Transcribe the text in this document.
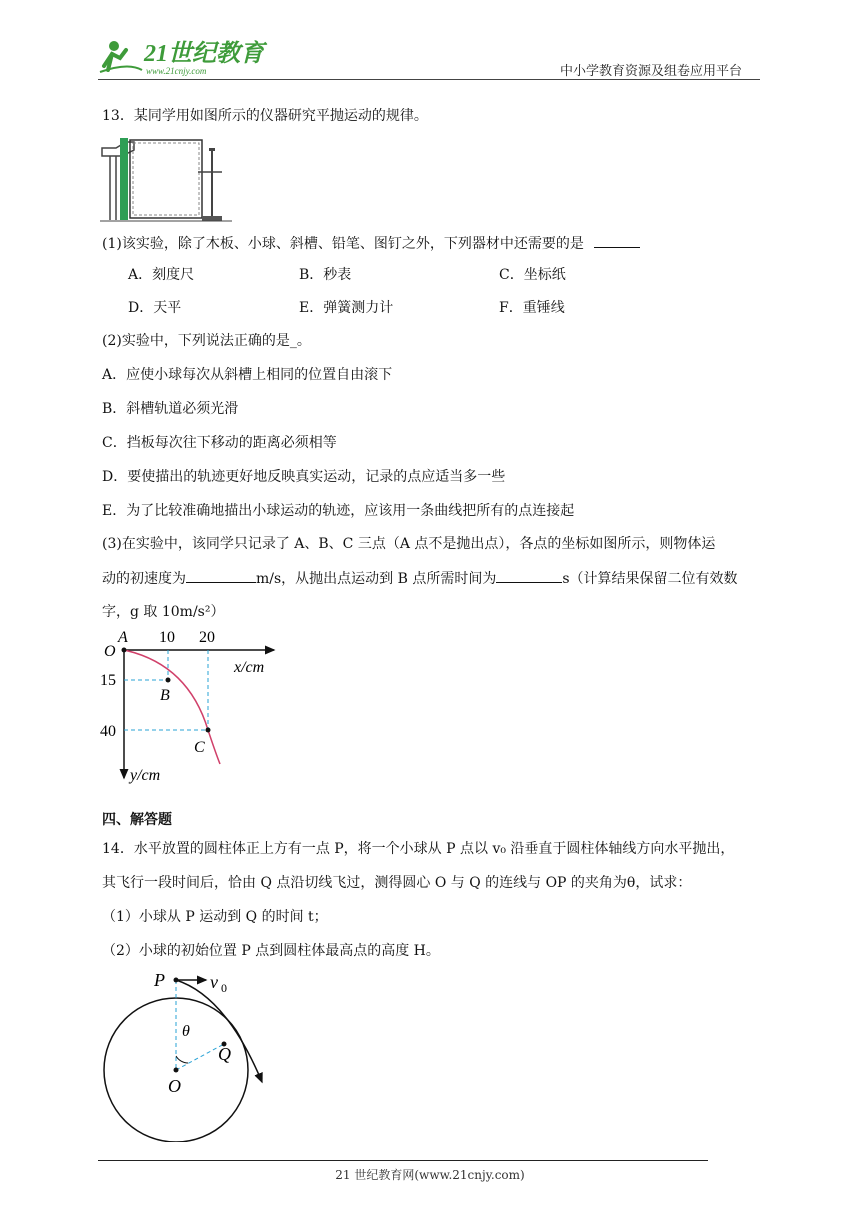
21世纪教育
www.21cnjy.com	中小学教育资源及组卷应用平台
13．某同学用如图所示的仪器研究平抛运动的规律。
(1)该实验，除了木板、小球、斜槽、铅笔、图钉之外，下列器材中还需要的是
A．刻度尺	B．秒表	C．坐标纸
D．天平	E．弹簧测力计	F．重锤线
(2)实验中，下列说法正确的是_。
A．应使小球每次从斜槽上相同的位置自由滚下
B．斜槽轨道必须光滑
C．挡板每次往下移动的距离必须相等
D．要使描出的轨迹更好地反映真实运动，记录的点应适当多一些
E．为了比较准确地描出小球运动的轨迹，应该用一条曲线把所有的点连接起
(3)在实验中，该同学只记录了 A、B、C 三点（A 点不是抛出点），各点的坐标如图所示，则物体运
动的初速度为	m/s，从抛出点运动到 B 点所需时间为	s（计算结果保留二位有效数
字，g 取 10m/s²）
O
A
B
C
10 20
15
40
x/cm
y/cm
四、解答题
14．水平放置的圆柱体正上方有一点 P，将一个小球从 P 点以 v₀ 沿垂直于圆柱体轴线方向水平抛出，
其飞行一段时间后，恰由 Q 点沿切线飞过，测得圆心 O 与 Q 的连线与 OP 的夹角为θ，试求：
（1）小球从 P 运动到 Q 的时间 t；
（2）小球的初始位置 P 点到圆柱体最高点的高度 H。
P	v 0
θ
Q
O
21 世纪教育网(www.21cnjy.com)
